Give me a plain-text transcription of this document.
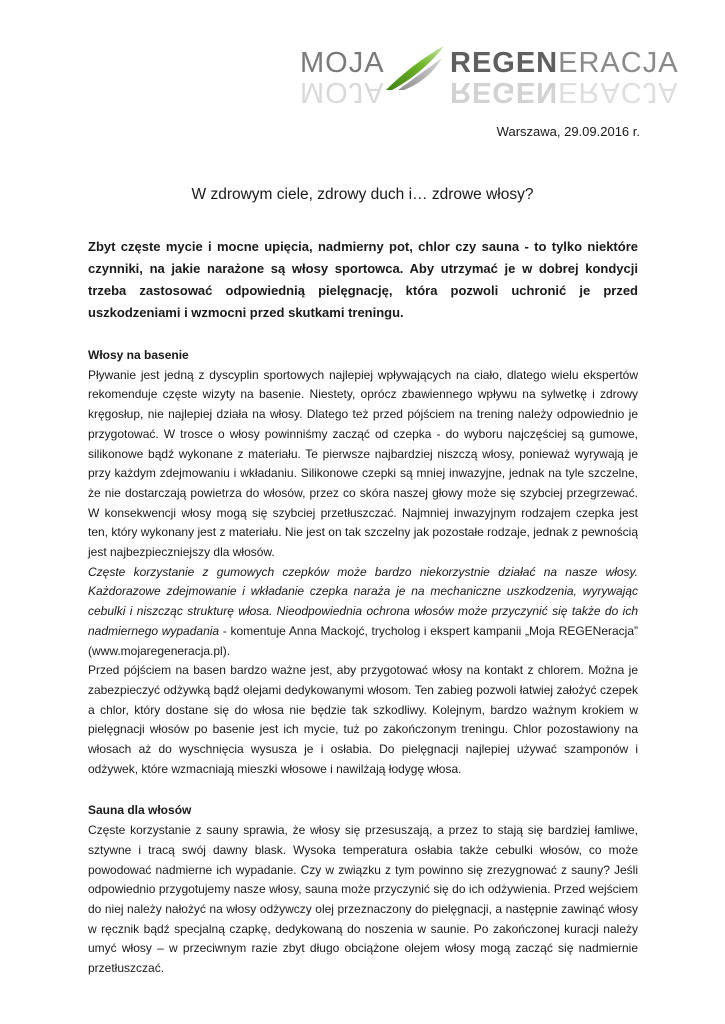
MOJA REGENERACJA
MOJA REGENERACJA
Warszawa, 29.09.2016 r.
W zdrowym ciele, zdrowy duch i… zdrowe włosy?

Zbyt częste mycie i mocne upięcia, nadmierny pot, chlor czy sauna - to tylko niektóre czynniki, na jakie narażone są włosy sportowca. Aby utrzymać je w dobrej kondycji trzeba zastosować odpowiednią pielęgnację, która pozwoli uchronić je przed uszkodzeniami i wzmocni przed skutkami treningu.

Włosy na basenie

Pływanie jest jedną z dyscyplin sportowych najlepiej wpływających na ciało, dlatego wielu ekspertów rekomenduje częste wizyty na basenie. Niestety, oprócz zbawiennego wpływu na sylwetkę i zdrowy kręgosłup, nie najlepiej działa na włosy. Dlatego też przed pójściem na trening należy odpowiednio je przygotować. W trosce o włosy powinniśmy zacząć od czepka - do wyboru najczęściej są gumowe, silikonowe bądź wykonane z materiału. Te pierwsze najbardziej niszczą włosy, ponieważ wyrywają je przy każdym zdejmowaniu i wkładaniu. Silikonowe czepki są mniej inwazyjne, jednak na tyle szczelne, że nie dostarczają powietrza do włosów, przez co skóra naszej głowy może się szybciej przegrzewać. W konsekwencji włosy mogą się szybciej przetłuszczać. Najmniej inwazyjnym rodzajem czepka jest ten, który wykonany jest z materiału. Nie jest on tak szczelny jak pozostałe rodzaje, jednak z pewnością jest najbezpieczniejszy dla włosów.

Częste korzystanie z gumowych czepków może bardzo niekorzystnie działać na nasze włosy. Każdorazowe zdejmowanie i wkładanie czepka naraża je na mechaniczne uszkodzenia, wyrywając cebulki i niszcząc strukturę włosa. Nieodpowiednia ochrona włosów może przyczynić się także do ich nadmiernego wypadania - komentuje Anna Mackojć, trycholog i ekspert kampanii „Moja REGENeracja” (www.mojaregeneracja.pl).

Przed pójściem na basen bardzo ważne jest, aby przygotować włosy na kontakt z chlorem. Można je zabezpieczyć odżywką bądź olejami dedykowanymi włosom. Ten zabieg pozwoli łatwiej założyć czepek a chlor, który dostane się do włosa nie będzie tak szkodliwy. Kolejnym, bardzo ważnym krokiem w pielęgnacji włosów po basenie jest ich mycie, tuż po zakończonym treningu. Chlor pozostawiony na włosach aż do wyschnięcia wysusza je i osłabia. Do pielęgnacji najlepiej używać szamponów i odżywek, które wzmacniają mieszki włosowe i nawilżają łodygę włosa.

Sauna dla włosów

Częste korzystanie z sauny sprawia, że włosy się przesuszają, a przez to stają się bardziej łamliwe, sztywne i tracą swój dawny blask. Wysoka temperatura osłabia także cebulki włosów, co może powodować nadmierne ich wypadanie. Czy w związku z tym powinno się zrezygnować z sauny? Jeśli odpowiednio przygotujemy nasze włosy, sauna może przyczynić się do ich odżywienia. Przed wejściem do niej należy nałożyć na włosy odżywczy olej przeznaczony do pielęgnacji, a następnie zawinąć włosy w ręcznik bądź specjalną czapkę, dedykowaną do noszenia w saunie. Po zakończonej kuracji należy umyć włosy – w przeciwnym razie zbyt długo obciążone olejem włosy mogą zacząć się nadmiernie przetłuszczać.
